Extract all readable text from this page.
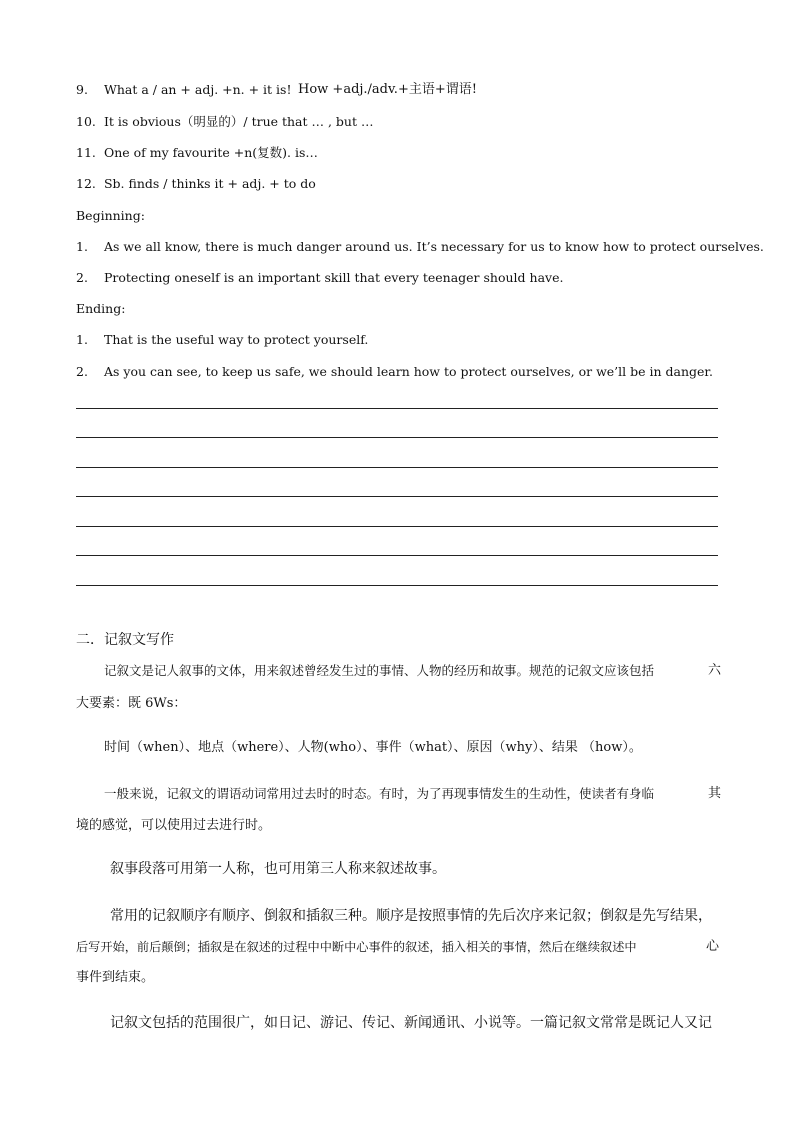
9. What a / an + adj. +n. + it is! How +adj./adv.+主语+谓语!
10. It is obvious（明显的）/ true that … , but …
11. One of my favourite +n(复数). is…
12. Sb. finds / thinks it + adj. + to do
Beginning:
1. As we all know, there is much danger around us. It’s necessary for us to know how to protect ourselves.
2. Protecting oneself is an important skill that every teenager should have.
Ending:
1. That is the useful way to protect yourself.
2. As you can see, to keep us safe, we should learn how to protect ourselves, or we’ll be in danger.
二．记叙文写作
记叙文是记人叙事的文体，用来叙述曾经发生过的事情、人物的经历和故事。规范的记叙文应该包括	六
大要素：既 6Ws：
时间（when）、地点（where）、人物(who）、事件（what）、原因（why）、结果 （how）。
一般来说，记叙文的谓语动词常用过去时的时态。有时，为了再现事情发生的生动性，使读者有身临	其
境的感觉，可以使用过去进行时。
叙事段落可用第一人称，也可用第三人称来叙述故事。
常用的记叙顺序有顺序、倒叙和插叙三种。顺序是按照事情的先后次序来记叙；倒叙是先写结果，
后写开始，前后颠倒；插叙是在叙述的过程中中断中心事件的叙述，插入相关的事情，然后在继续叙述中	心
事件到结束。
记叙文包括的范围很广，如日记、游记、传记、新闻通讯、小说等。一篇记叙文常常是既记人又记
